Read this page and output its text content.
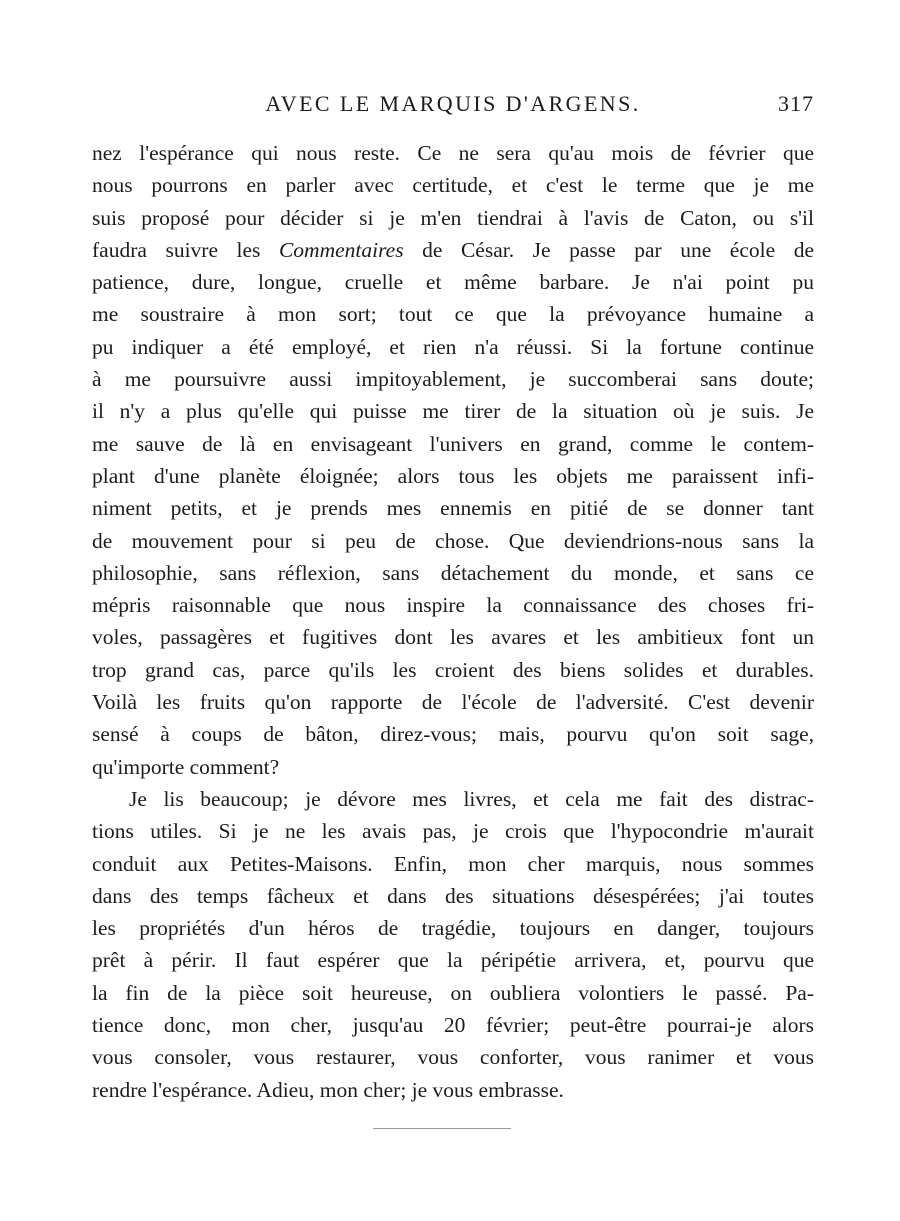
AVEC LE MARQUIS D'ARGENS.	317
nez l'espérance qui nous reste. Ce ne sera qu'au mois de février que
nous pourrons en parler avec certitude, et c'est le terme que je me
suis proposé pour décider si je m'en tiendrai à l'avis de Caton, ou s'il
faudra suivre les Commentaires de César. Je passe par une école de
patience, dure, longue, cruelle et même barbare. Je n'ai point pu
me soustraire à mon sort; tout ce que la prévoyance humaine a
pu indiquer a été employé, et rien n'a réussi. Si la fortune continue
à me poursuivre aussi impitoyablement, je succomberai sans doute;
il n'y a plus qu'elle qui puisse me tirer de la situation où je suis. Je
me sauve de là en envisageant l'univers en grand, comme le contem-
plant d'une planète éloignée; alors tous les objets me paraissent infi-
niment petits, et je prends mes ennemis en pitié de se donner tant
de mouvement pour si peu de chose. Que deviendrions-nous sans la
philosophie, sans réflexion, sans détachement du monde, et sans ce
mépris raisonnable que nous inspire la connaissance des choses fri-
voles, passagères et fugitives dont les avares et les ambitieux font un
trop grand cas, parce qu'ils les croient des biens solides et durables.
Voilà les fruits qu'on rapporte de l'école de l'adversité. C'est devenir
sensé à coups de bâton, direz-vous; mais, pourvu qu'on soit sage,
qu'importe comment?
Je lis beaucoup; je dévore mes livres, et cela me fait des distrac-
tions utiles. Si je ne les avais pas, je crois que l'hypocondrie m'aurait
conduit aux Petites-Maisons. Enfin, mon cher marquis, nous sommes
dans des temps fâcheux et dans des situations désespérées; j'ai toutes
les propriétés d'un héros de tragédie, toujours en danger, toujours
prêt à périr. Il faut espérer que la péripétie arrivera, et, pourvu que
la fin de la pièce soit heureuse, on oubliera volontiers le passé. Pa-
tience donc, mon cher, jusqu'au 20 février; peut-être pourrai-je alors
vous consoler, vous restaurer, vous conforter, vous ranimer et vous
rendre l'espérance. Adieu, mon cher; je vous embrasse.
